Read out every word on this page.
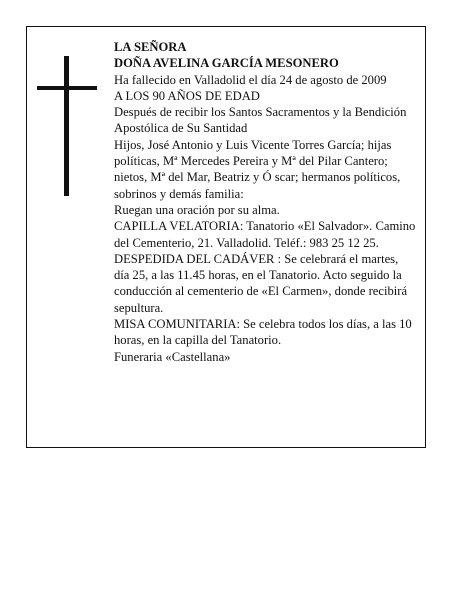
LA SEÑORA

DOÑA AVELINA GARCÍA MESONERO

Ha fallecido en Valladolid el día 24 de agosto de 2009

A LOS 90 AÑOS DE EDAD

Después de recibir los Santos Sacramentos y la Bendición Apostólica de Su Santidad

Hijos, José Antonio y Luis Vicente Torres García; hijas políticas, Mª Mercedes Pereira y Mª del Pilar Cantero; nietos, Mª del Mar, Beatriz y Ó scar; hermanos políticos, sobrinos y demás familia:

Ruegan una oración por su alma.

CAPILLA VELATORIA: Tanatorio «El Salvador». Camino del Cementerio, 21. Valladolid. Teléf.: 983 25 12 25.

DESPEDIDA DEL CADÁVER : Se celebrará el martes, día 25, a las 11.45 horas, en el Tanatorio. Acto seguido la conducción al cementerio de «El Carmen», donde recibirá sepultura.

MISA COMUNITARIA: Se celebra todos los días, a las 10 horas, en la capilla del Tanatorio.

Funeraria «Castellana»
